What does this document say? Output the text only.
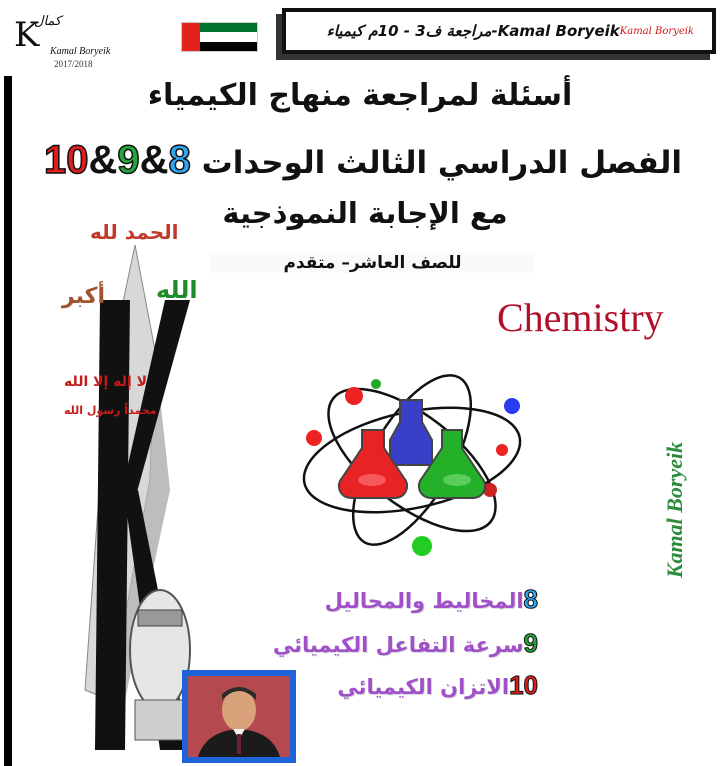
كمال
K Kamal Boryeik
2017/2018
Kamal Boryeik-مراجعة ف3 - 10م كيمياء Kamal Boryeik
أسئلة لمراجعة منهاج الكيمياء
الفصل الدراسي الثالث الوحدات 8&9&10
مع الإجابة النموذجية
للصف العاشر– متقدم
الحمد لله
الله
أكبر
لا إله إلا الله
محمداً رسول الله
Chemistry
Kamal Boryeik
8المخاليط والمحاليل
9سرعة التفاعل الكيميائي
10الاتزان الكيميائي
